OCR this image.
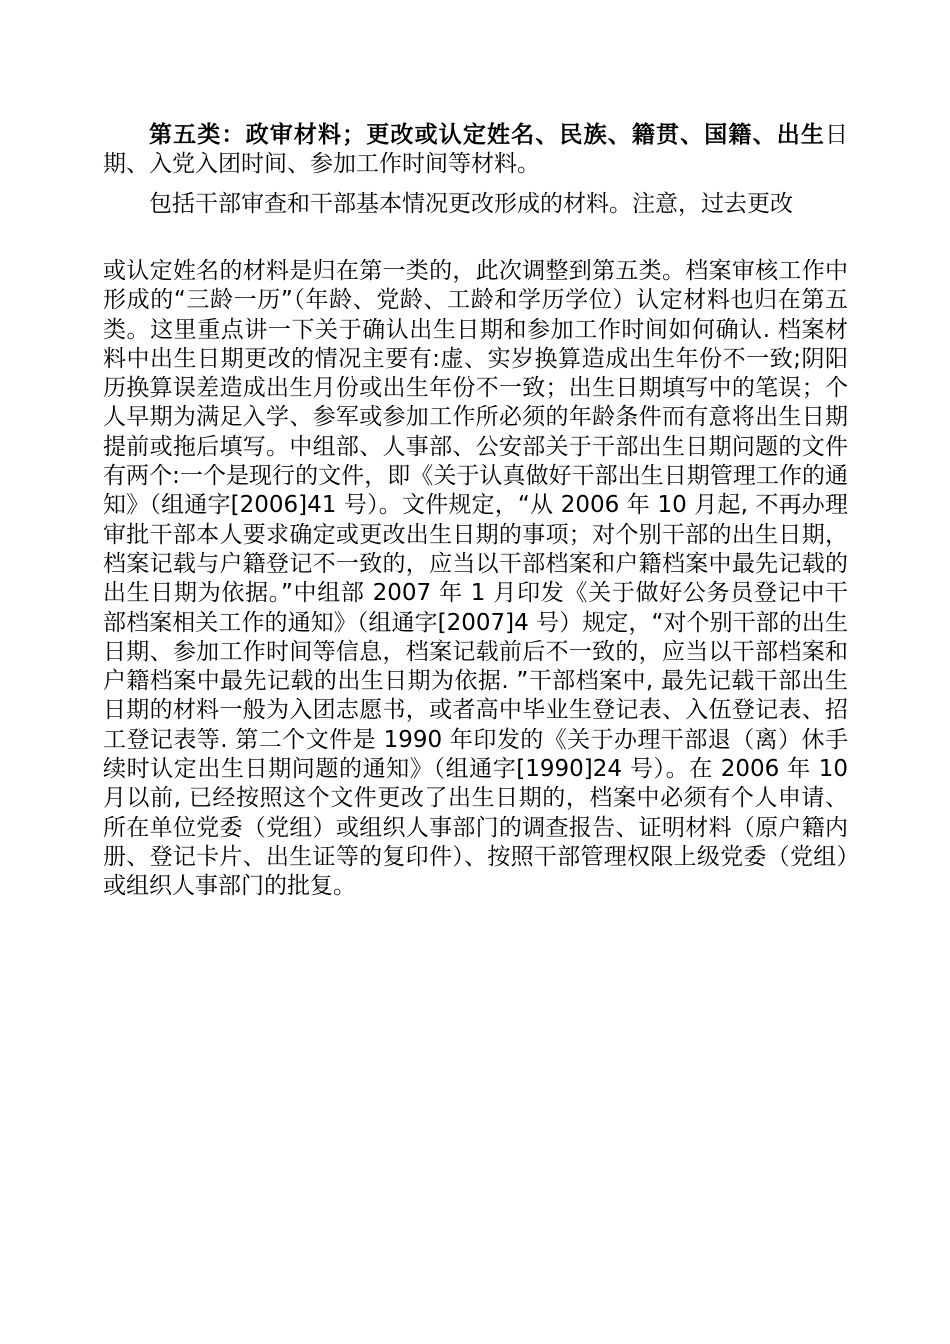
第五类：政审材料；更改或认定姓名、民族、籍贯、国籍、出生日期、入党入团时间、参加工作时间等材料。

包括干部审查和干部基本情况更改形成的材料。注意，过去更改

或认定姓名的材料是归在第一类的，此次调整到第五类。档案审核工作中形成的“三龄一历”（年龄、党龄、工龄和学历学位）认定材料也归在第五类。这里重点讲一下关于确认出生日期和参加工作时间如何确认. 档案材料中出生日期更改的情况主要有:虚、实岁换算造成出生年份不一致;阴阳历换算误差造成出生月份或出生年份不一致；出生日期填写中的笔误；个人早期为满足入学、参军或参加工作所必须的年龄条件而有意将出生日期提前或拖后填写。中组部、人事部、公安部关于干部出生日期问题的文件有两个:一个是现行的文件，即《关于认真做好干部出生日期管理工作的通知》（组通字[2006]41 号）。文件规定，“从 2006 年 10 月起, 不再办理审批干部本人要求确定或更改出生日期的事项；对个别干部的出生日期，档案记载与户籍登记不一致的，应当以干部档案和户籍档案中最先记载的出生日期为依据。”中组部 2007 年 1 月印发《关于做好公务员登记中干部档案相关工作的通知》（组通字[2007]4 号）规定，“对个别干部的出生日期、参加工作时间等信息，档案记载前后不一致的，应当以干部档案和户籍档案中最先记载的出生日期为依据. ”干部档案中, 最先记载干部出生日期的材料一般为入团志愿书，或者高中毕业生登记表、入伍登记表、招工登记表等. 第二个文件是 1990 年印发的《关于办理干部退（离）休手续时认定出生日期问题的通知》（组通字[1990]24 号）。在 2006 年 10 月以前, 已经按照这个文件更改了出生日期的，档案中必须有个人申请、所在单位党委（党组）或组织人事部门的调查报告、证明材料（原户籍内册、登记卡片、出生证等的复印件）、按照干部管理权限上级党委（党组）或组织人事部门的批复。
